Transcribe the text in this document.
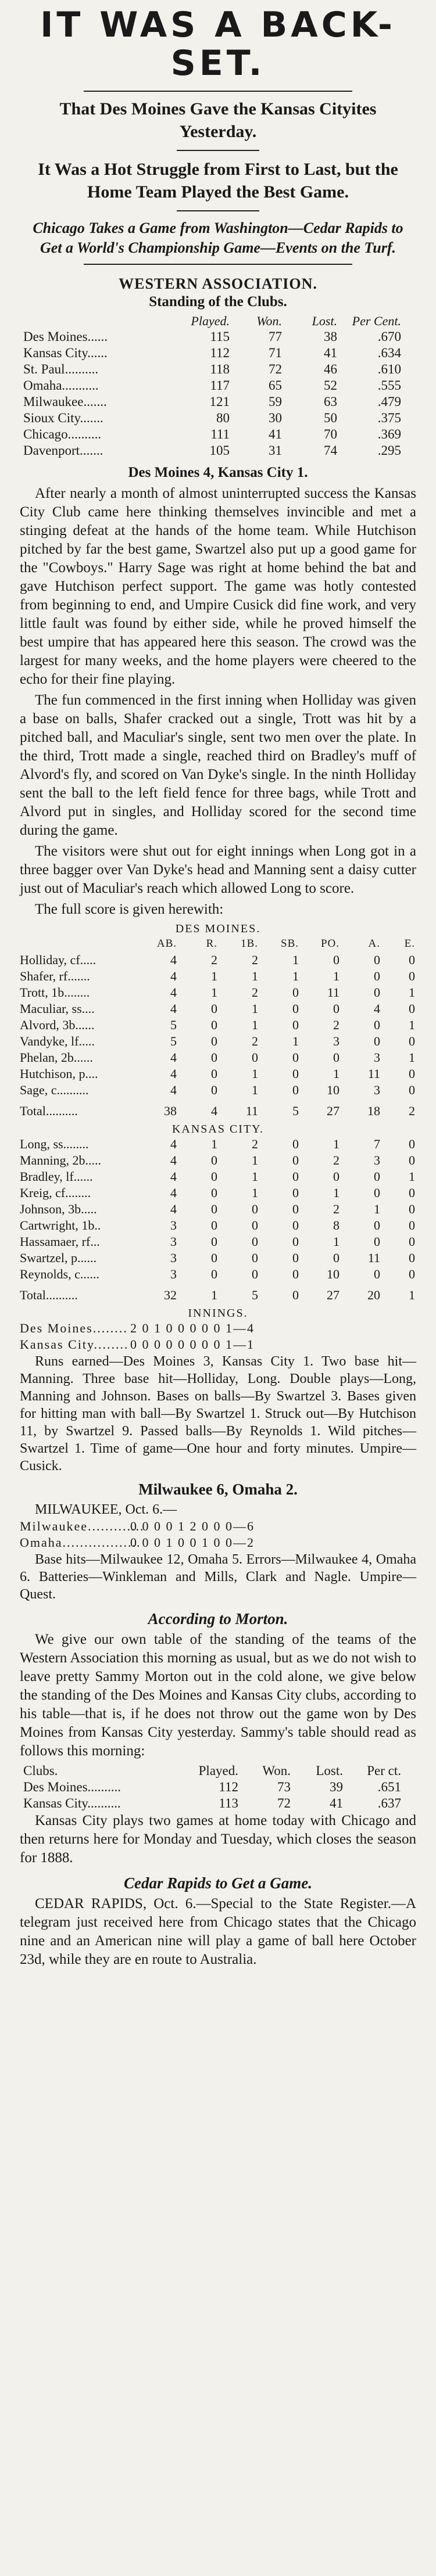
IT WAS A BACK-SET.
That Des Moines Gave the Kansas Cityites Yesterday.
It Was a Hot Struggle from First to Last, but the Home Team Played the Best Game.
Chicago Takes a Game from Washington—Cedar Rapids to Get a World's Championship Game—Events on the Turf.
WESTERN ASSOCIATION.
Standing of the Clubs.
Played.	Won.	Lost.	Per Cent.
Des Moines......	115	77	38	.670
Kansas City......	112	71	41	.634
St. Paul..........	118	72	46	.610
Omaha...........	117	65	52	.555
Milwaukee.......	121	59	63	.479
Sioux City.......	80	30	50	.375
Chicago..........	111	41	70	.369
Davenport.......	105	31	74	.295
Des Moines 4, Kansas City 1.

After nearly a month of almost uninterrupted success the Kansas City Club came here thinking themselves invincible and met a stinging defeat at the hands of the home team. While Hutchison pitched by far the best game, Swartzel also put up a good game for the "Cowboys." Harry Sage was right at home behind the bat and gave Hutchison perfect support. The game was hotly contested from beginning to end, and Umpire Cusick did fine work, and very little fault was found by either side, while he proved himself the best umpire that has appeared here this season. The crowd was the largest for many weeks, and the home players were cheered to the echo for their fine playing.

The fun commenced in the first inning when Holliday was given a base on balls, Shafer cracked out a single, Trott was hit by a pitched ball, and Maculiar's single, sent two men over the plate. In the third, Trott made a single, reached third on Bradley's muff of Alvord's fly, and scored on Van Dyke's single. In the ninth Holliday sent the ball to the left field fence for three bags, while Trott and Alvord put in singles, and Holliday scored for the second time during the game.

The visitors were shut out for eight innings when Long got in a three bagger over Van Dyke's head and Manning sent a daisy cutter just out of Maculiar's reach which allowed Long to score.

The full score is given herewith:

DES MOINES.
AB.	R.	1B.	SB.	PO.	A.	E.
Holliday, cf.....	4	2	2	1	0	0	0
Shafer, rf.......	4	1	1	1	1	0	0
Trott, 1b........	4	1	2	0	11	0	1
Maculiar, ss....	4	0	1	0	0	4	0
Alvord, 3b......	5	0	1	0	2	0	1
Vandyke, lf.....	5	0	2	1	3	0	0
Phelan, 2b......	4	0	0	0	0	3	1
Hutchison, p....	4	0	1	0	1	11	0
Sage, c..........	4	0	1	0	10	3	0
Total..........	38	4	11	5	27	18	2
KANSAS CITY.
Long, ss........	4	1	2	0	1	7	0
Manning, 2b.....	4	0	1	0	2	3	0
Bradley, lf......	4	0	1	0	0	0	1
Kreig, cf........	4	0	1	0	1	0	0
Johnson, 3b.....	4	0	0	0	2	1	0
Cartwright, 1b..	3	0	0	0	8	0	0
Hassamaer, rf...	3	0	0	0	1	0	0
Swartzel, p......	3	0	0	0	0	11	0
Reynolds, c......	3	0	0	0	10	0	0
Total..........	32	1	5	0	27	20	1
INNINGS.
Des Moines........ 2 0 1 0 0 0 0 0 1—4
Kansas City........ 0 0 0 0 0 0 0 0 1—1

Runs earned—Des Moines 3, Kansas City 1. Two base hit—Manning. Three base hit—Holliday, Long. Double plays—Long, Manning and Johnson. Bases on balls—By Swartzel 3. Bases given for hitting man with ball—By Swartzel 1. Struck out—By Hutchison 11, by Swartzel 9. Passed balls—By Reynolds 1. Wild pitches—Swartzel 1. Time of game—One hour and forty minutes. Umpire—Cusick.

Milwaukee 6, Omaha 2.

MILWAUKEE, Oct. 6.—

Milwaukee.............
0 0 0 0 1 2 0 0 0—6
Omaha..................
0 0 0 1 0 0 1 0 0—2

Base hits—Milwaukee 12, Omaha 5. Errors—Milwaukee 4, Omaha 6. Batteries—Winkleman and Mills, Clark and Nagle. Umpire—Quest.

According to Morton.

We give our own table of the standing of the teams of the Western Association this morning as usual, but as we do not wish to leave pretty Sammy Morton out in the cold alone, we give below the standing of the Des Moines and Kansas City clubs, according to his table—that is, if he does not throw out the game won by Des Moines from Kansas City yesterday. Sammy's table should read as follows this morning:

Clubs.	Played.	Won.	Lost.	Per ct.
Des Moines..........	112	73	39	.651
Kansas City..........	113	72	41	.637

Kansas City plays two games at home today with Chicago and then returns here for Monday and Tuesday, which closes the season for 1888.

Cedar Rapids to Get a Game.

CEDAR RAPIDS, Oct. 6.—Special to the State Register.—A telegram just received here from Chicago states that the Chicago nine and an American nine will play a game of ball here October 23d, while they are en route to Australia.
